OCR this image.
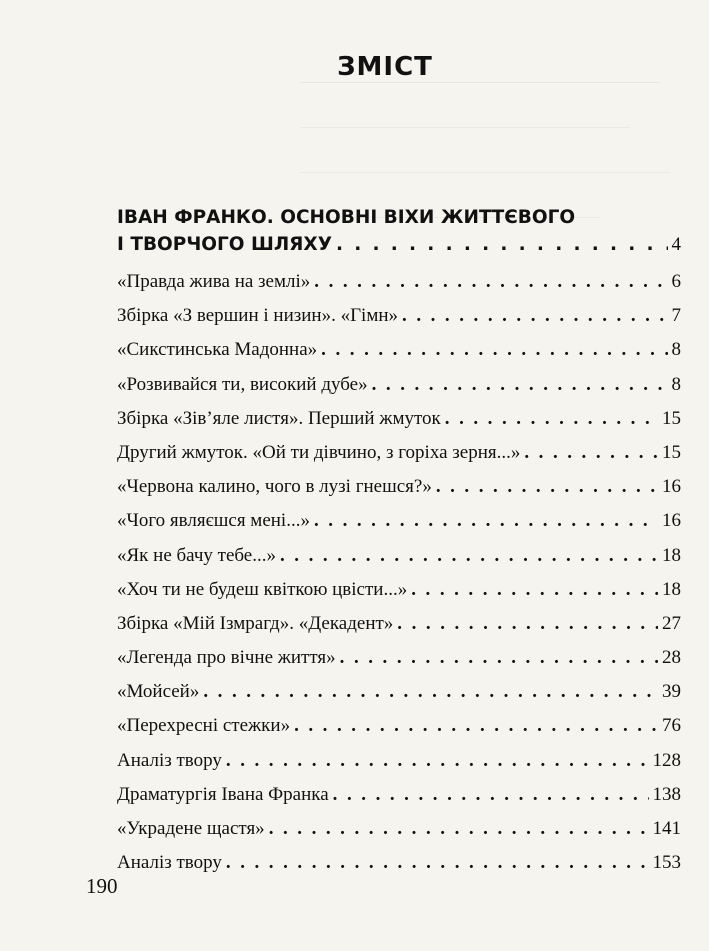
ЗМІСТ
ІВАН ФРАНКО. ОСНОВНІ ВІХИ ЖИТТЄВОГО
І ТВОРЧОГО ШЛЯХУ . . .	4
«Правда жива на землі» . . .	6
Збірка «З вершин і низин». «Гімн» . . .	7
«Сикстинська Мадонна» . . .	8
«Розвивайся ти, високий дубе» . . .	8
Збірка «Зів’яле листя». Перший жмуток . . .	15
Другий жмуток. «Ой ти дівчино, з горіха зерня...» . . .	15
«Червона калино, чого в лузі гнешся?» . . .	16
«Чого являєшся мені...» . . .	16
«Як не бачу тебе...» . . .	18
«Хоч ти не будеш квіткою цвісти...» . . .	18
Збірка «Мій Ізмрагд». «Декадент» . . .	27
«Легенда про вічне життя» . . .	28
«Мойсей» . . .	39
«Перехресні стежки» . . .	76
Аналіз твору . . .	128
Драматургія Івана Франка . . .	138
«Украдене щастя» . . .	141
Аналіз твору . . .	153
190
